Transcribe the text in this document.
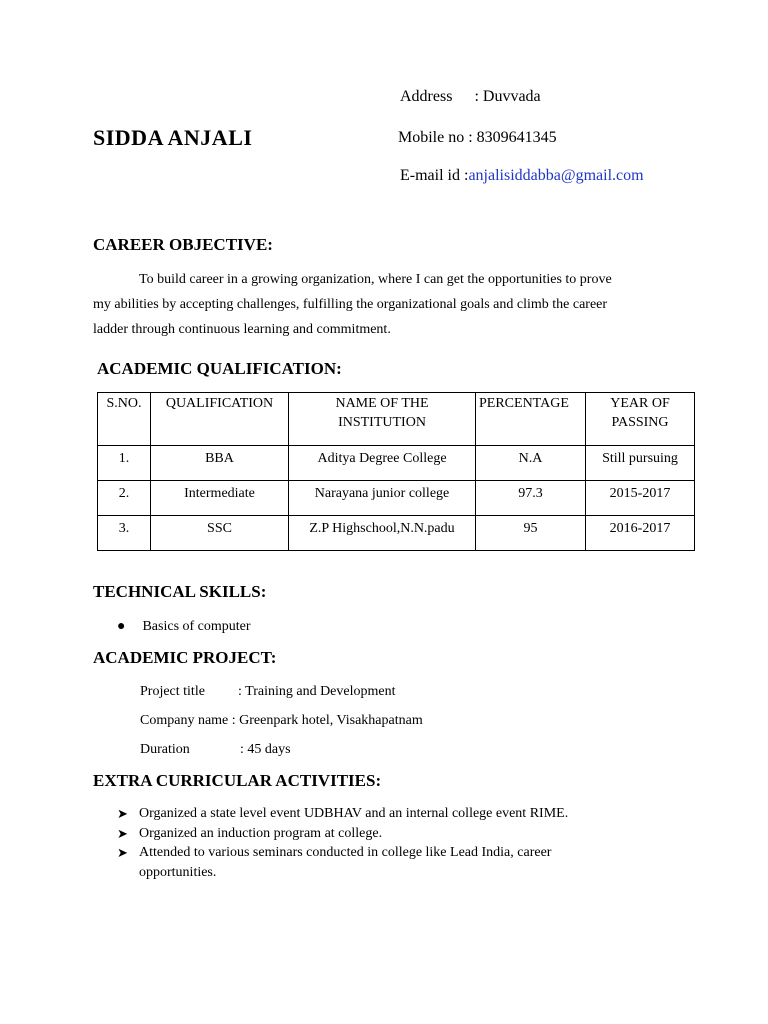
Address : Duvvada
SIDDA ANJALI	Mobile no : 8309641345
E-mail id :anjalisiddabba@gmail.com
CAREER OBJECTIVE:
To build career in a growing organization, where I can get the opportunities to prove
my abilities by accepting challenges, fulfilling the organizational goals and climb the career
ladder through continuous learning and commitment.
ACADEMIC QUALIFICATION:
S.NO.	QUALIFICATION	NAME OF THE INSTITUTION	PERCENTAGE	YEAR OF PASSING
1.	BBA	Aditya Degree College	N.A	Still pursuing
2.	Intermediate	Narayana junior college	97.3	2015-2017
3.	SSC	Z.P Highschool,N.N.padu	95	2016-2017
TECHNICAL SKILLS:
● Basics of computer
ACADEMIC PROJECT:
Project title : Training and Development
Company name : Greenpark hotel, Visakhapatnam
Duration	: 45 days
EXTRA CURRICULAR ACTIVITIES:
➤ Organized a state level event UDBHAV and an internal college event RIME.
➤ Organized an induction program at college.
➤ Attended to various seminars conducted in college like Lead India, career opportunities.
